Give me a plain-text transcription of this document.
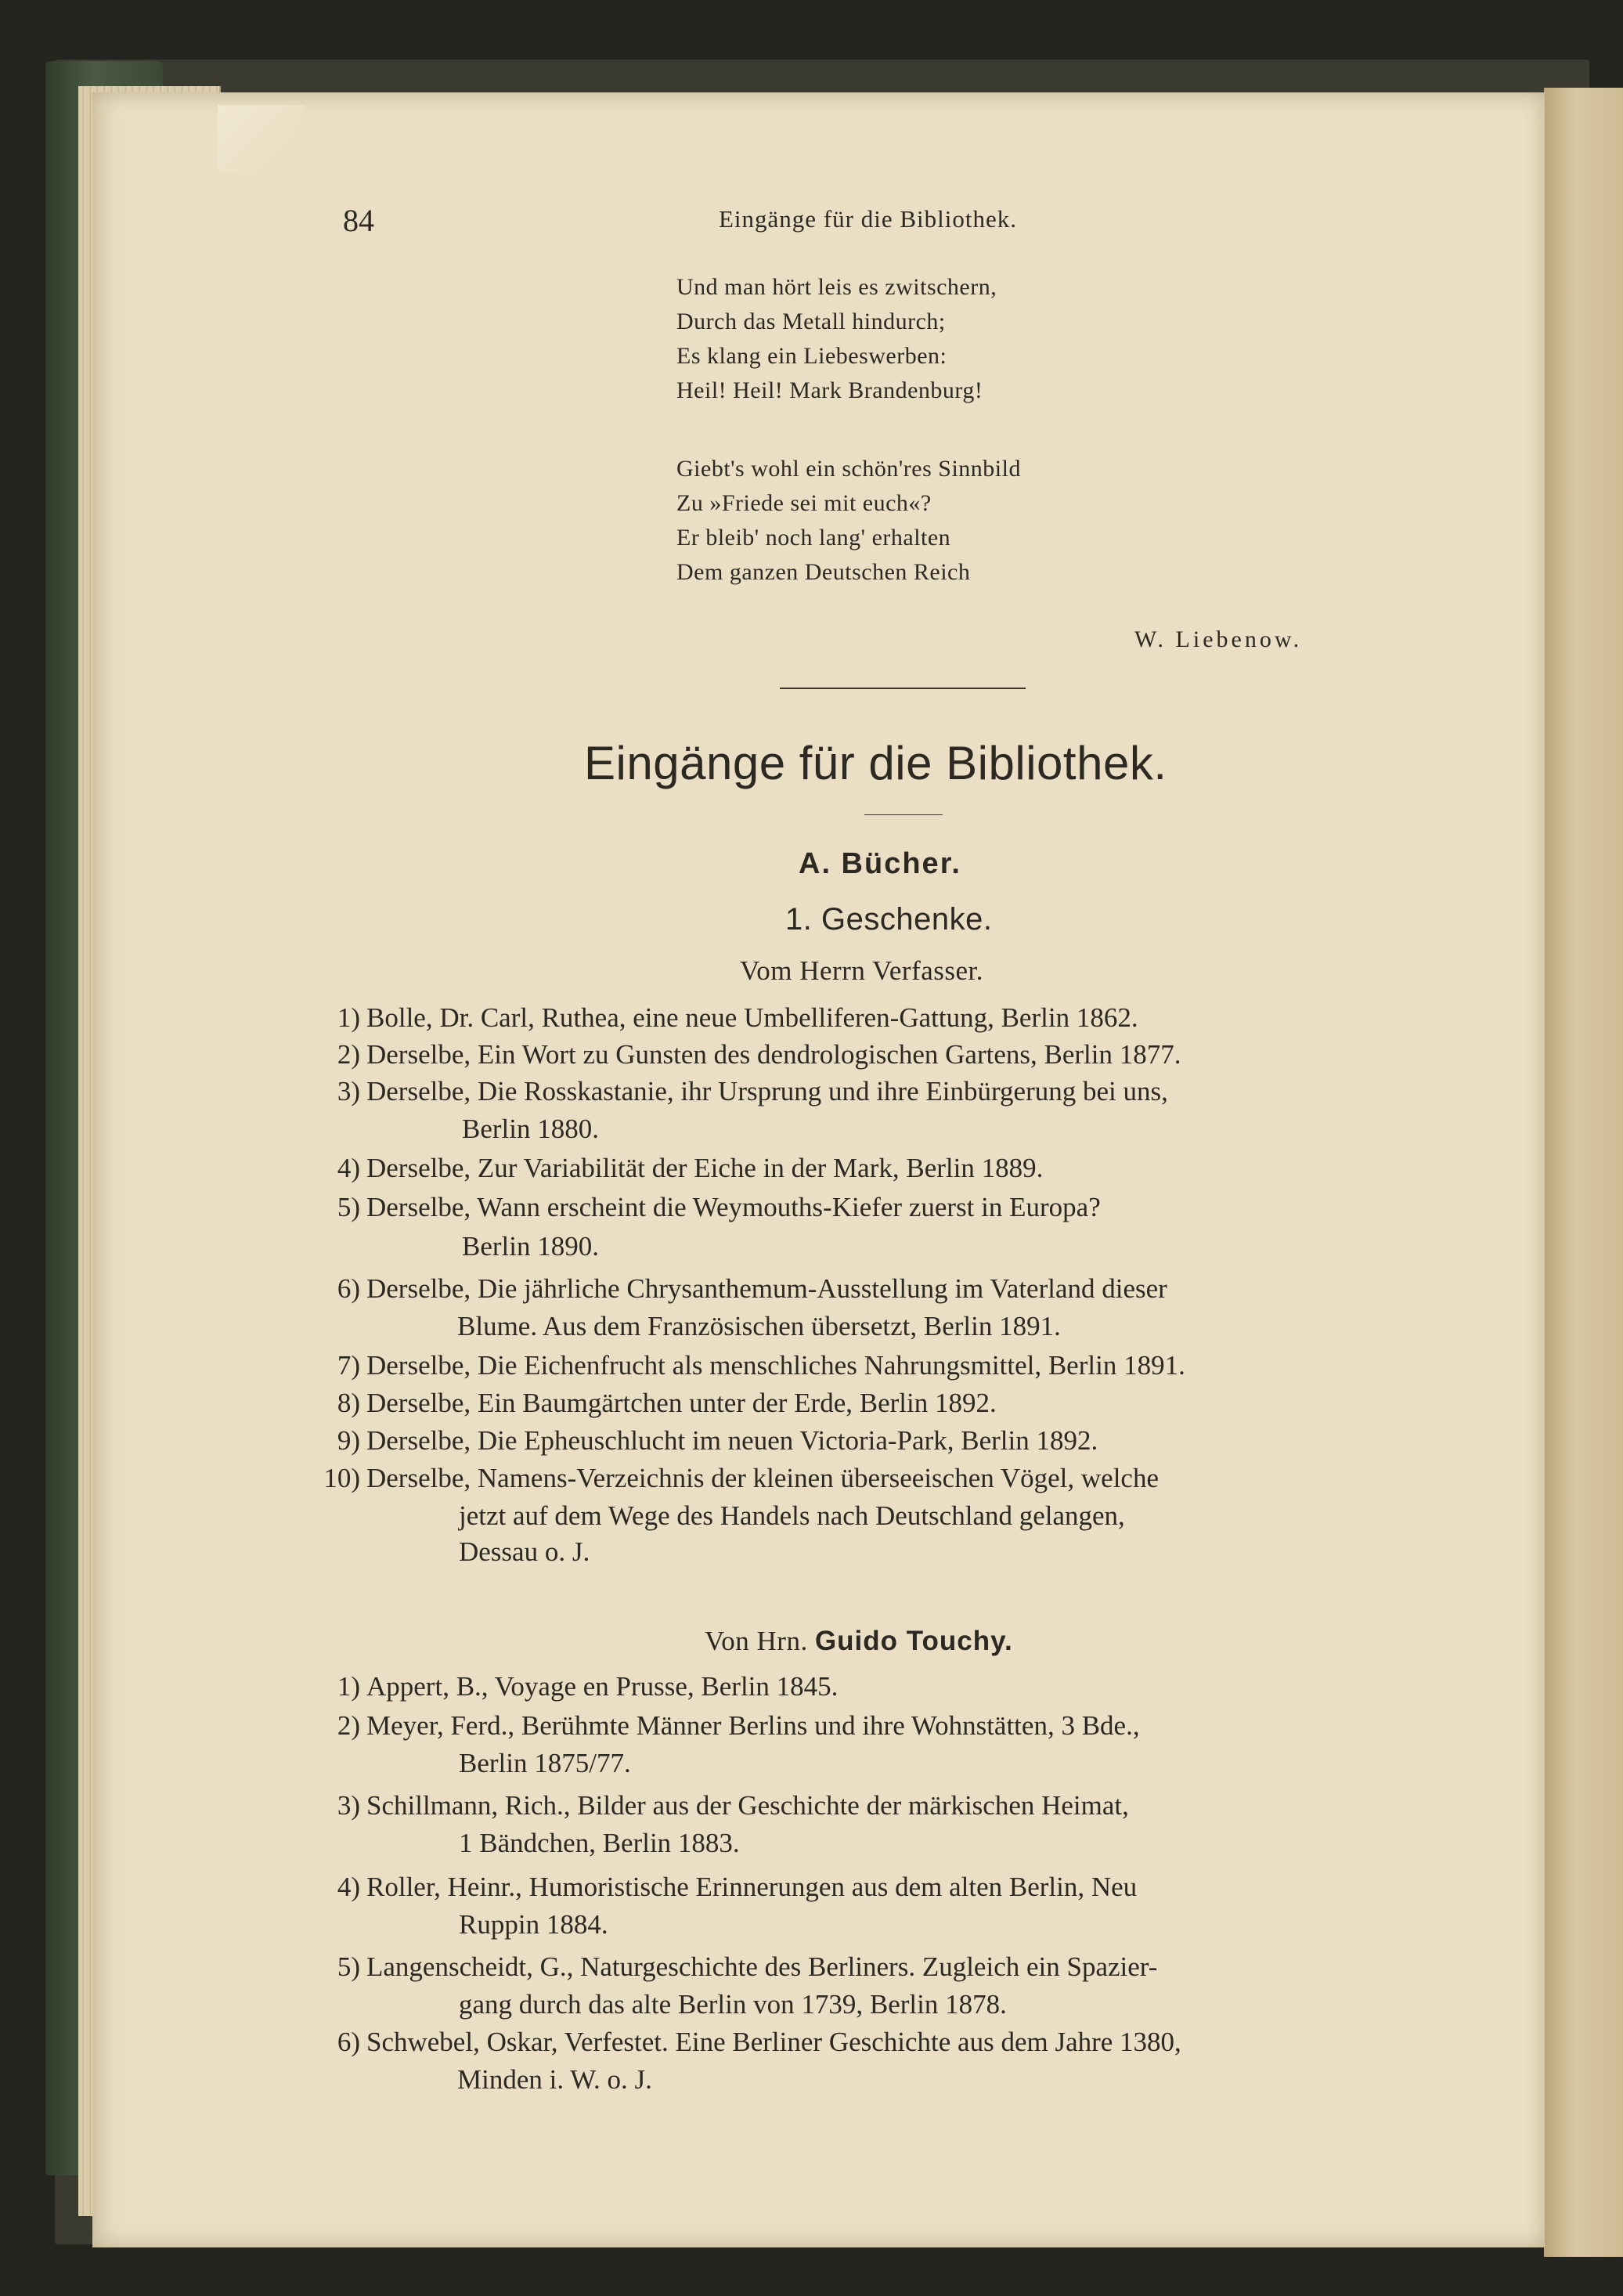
84	Eingänge für die Bibliothek.
Und man hört leis es zwitschern,
Durch das Metall hindurch;
Es klang ein Liebeswerben:
Heil! Heil! Mark Brandenburg!
Giebt's wohl ein schön'res Sinnbild
Zu »Friede sei mit euch«?
Er bleib' noch lang' erhalten
Dem ganzen Deutschen Reich
W. Liebenow.
Eingänge für die Bibliothek.
A. Bücher.
1. Geschenke.
Vom Herrn Verfasser.
1) Bolle, Dr. Carl, Ruthea, eine neue Umbelliferen-Gattung, Berlin 1862.
2) Derselbe, Ein Wort zu Gunsten des dendrologischen Gartens, Berlin 1877.
3) Derselbe, Die Rosskastanie, ihr Ursprung und ihre Einbürgerung bei uns,
Berlin 1880.
4) Derselbe, Zur Variabilität der Eiche in der Mark, Berlin 1889.
5) Derselbe, Wann erscheint die Weymouths-Kiefer zuerst in Europa?
Berlin 1890.
6) Derselbe, Die jährliche Chrysanthemum-Ausstellung im Vaterland dieser
Blume. Aus dem Französischen übersetzt, Berlin 1891.
7) Derselbe, Die Eichenfrucht als menschliches Nahrungsmittel, Berlin 1891.
8) Derselbe, Ein Baumgärtchen unter der Erde, Berlin 1892.
9) Derselbe, Die Epheuschlucht im neuen Victoria-Park, Berlin 1892.
10) Derselbe, Namens-Verzeichnis der kleinen überseeischen Vögel, welche
jetzt auf dem Wege des Handels nach Deutschland gelangen,
Dessau o. J.
Von Hrn. Guido Touchy.
1) Appert, B., Voyage en Prusse, Berlin 1845.
2) Meyer, Ferd., Berühmte Männer Berlins und ihre Wohnstätten, 3 Bde.,
Berlin 1875/77.
3) Schillmann, Rich., Bilder aus der Geschichte der märkischen Heimat,
1 Bändchen, Berlin 1883.
4) Roller, Heinr., Humoristische Erinnerungen aus dem alten Berlin, Neu
Ruppin 1884.
5) Langenscheidt, G., Naturgeschichte des Berliners. Zugleich ein Spazier-
gang durch das alte Berlin von 1739, Berlin 1878.
6) Schwebel, Oskar, Verfestet. Eine Berliner Geschichte aus dem Jahre 1380,
Minden i. W. o. J.
